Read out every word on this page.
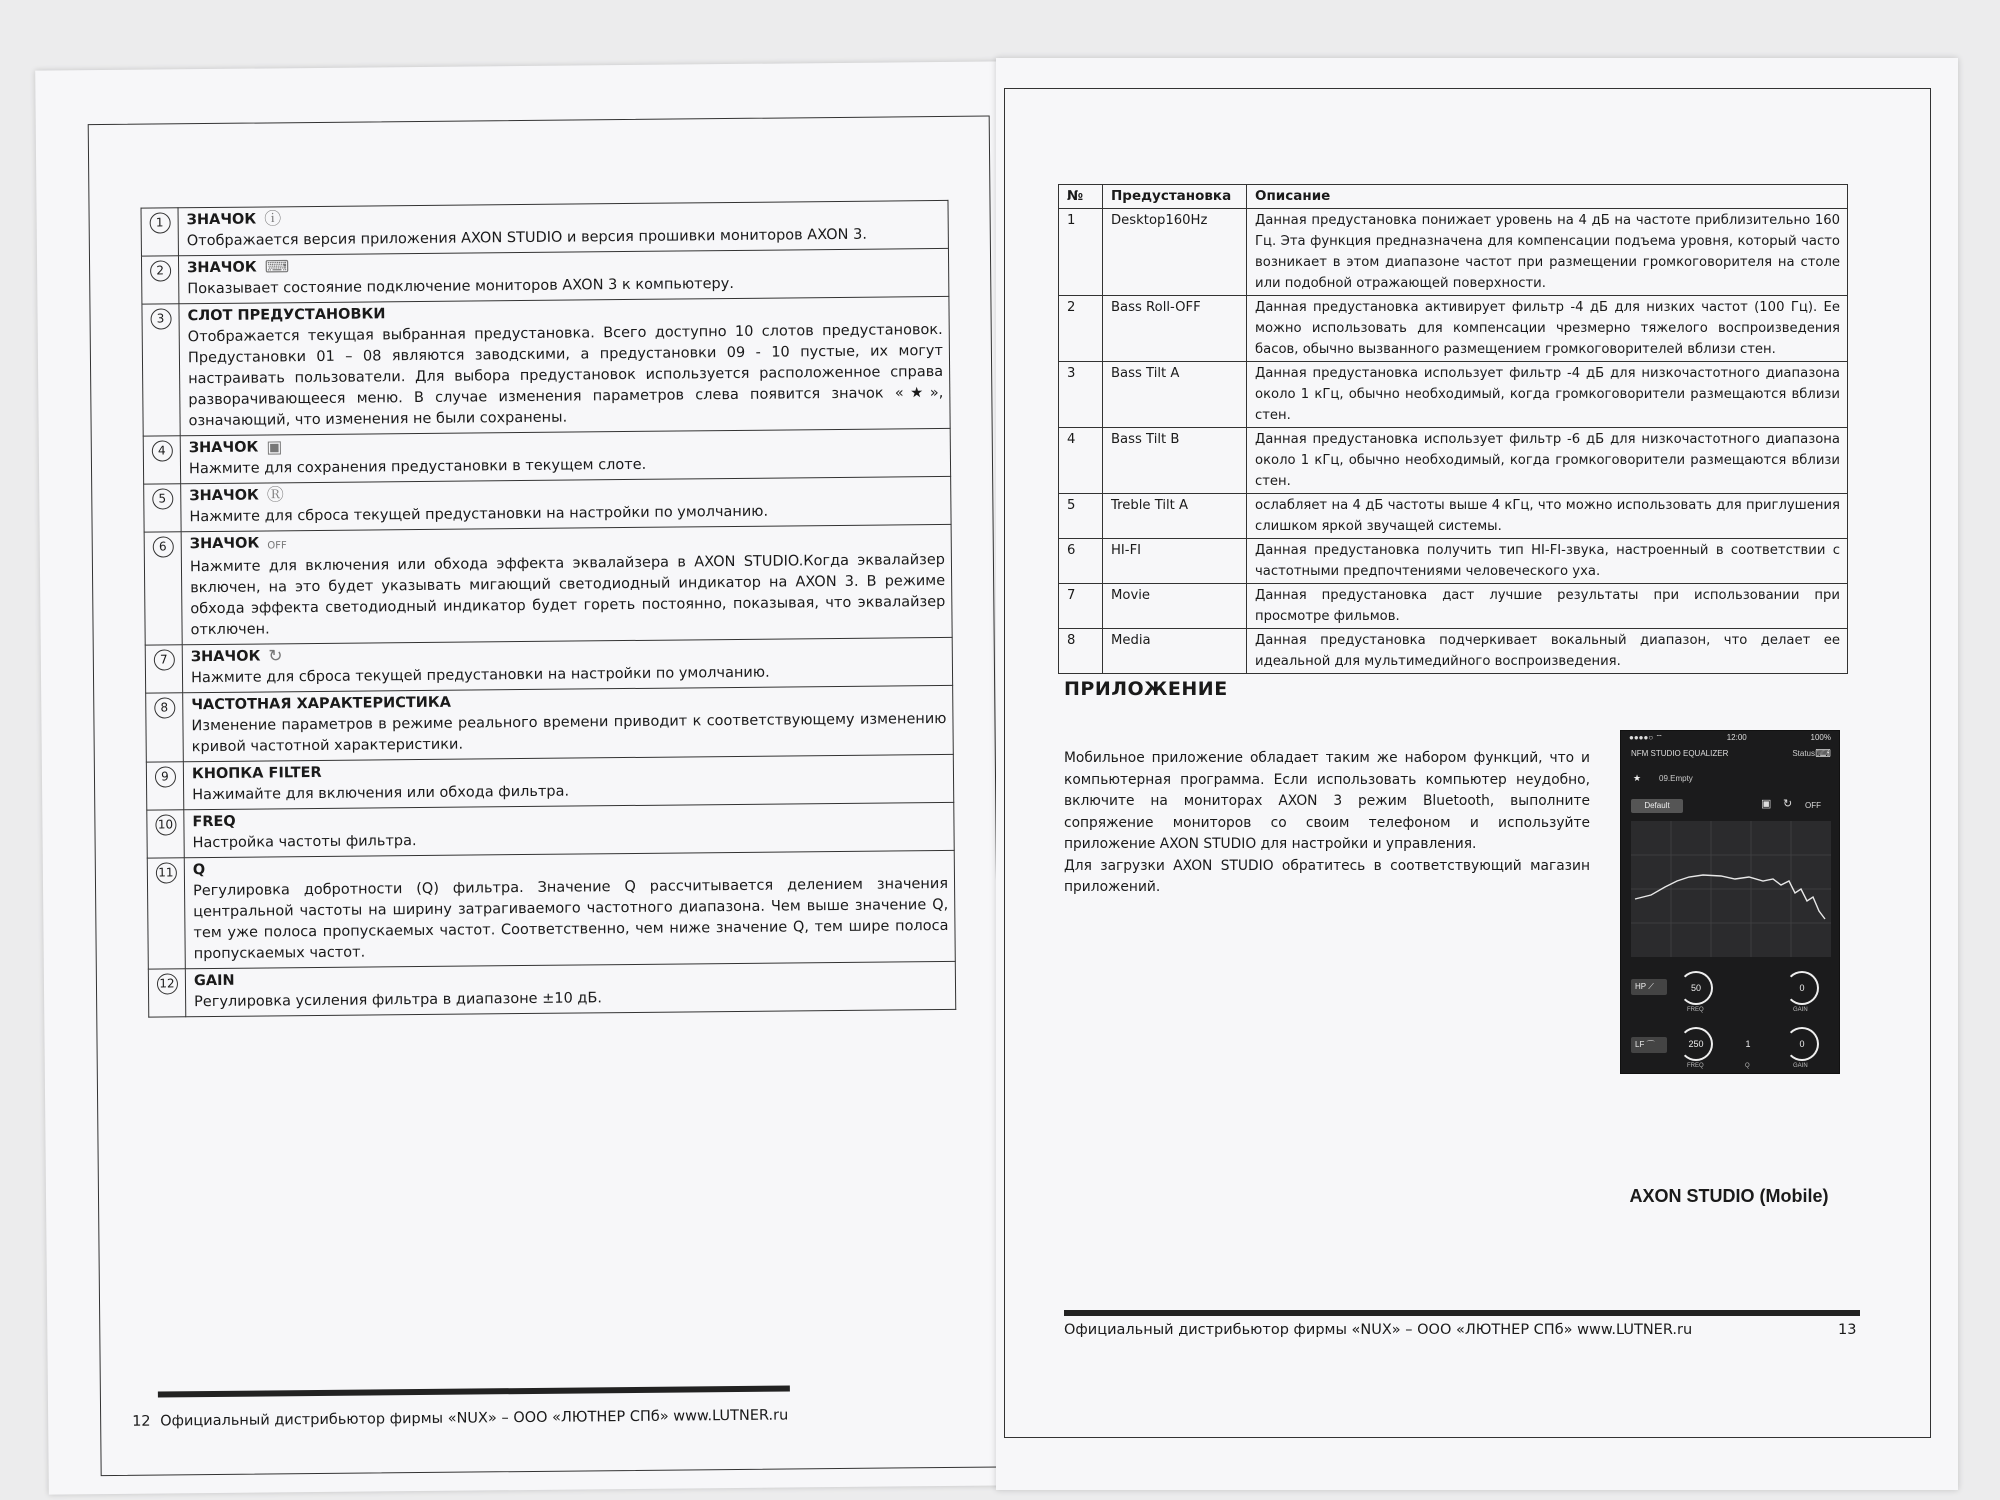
1	ЗНАЧОК ⓘ
Отображается версия приложения AXON STUDIO и версия прошивки мониторов AXON 3.

2	ЗНАЧОК ⌨
Показывает состояние подключение мониторов AXON 3 к компьютеру.

3	СЛОТ ПРЕДУСТАНОВКИ
Отображается текущая выбранная предустановка. Всего доступно 10 слотов предустановок. Предустановки 01 – 08 являются заводскими, а предустановки 09 - 10 пустые, их могут настраивать пользователи. Для выбора предустановок используется расположенное справа разворачивающееся меню. В случае изменения параметров слева появится значок «★», означающий, что изменения не были сохранены.

4	ЗНАЧОК ▣
Нажмите для сохранения предустановки в текущем слоте.

5	ЗНАЧОК Ⓡ
Нажмите для сброса текущей предустановки на настройки по умолчанию.

6	ЗНАЧОК OFF
Нажмите для включения или обхода эффекта эквалайзера в AXON STUDIO.Когда эквалайзер включен, на это будет указывать мигающий светодиодный индикатор на AXON 3. В режиме обхода эффекта светодиодный индикатор будет гореть постоянно, показывая, что эквалайзер отключен.

7	ЗНАЧОК ↻
Нажмите для сброса текущей предустановки на настройки по умолчанию.

8	ЧАСТОТНАЯ ХАРАКТЕРИСТИКА
Изменение параметров в режиме реального времени приводит к соответствующему изменению кривой частотной характеристики.

9	КНОПКА FILTER
Нажимайте для включения или обхода фильтра.

10	FREQ
Настройка частоты фильтра.

11	Q
Регулировка добротности (Q) фильтра. Значение Q рассчитывается делением значения центральной частоты на ширину затрагиваемого частотного диапазона. Чем выше значение Q, тем уже полоса пропускаемых частот. Соответственно, чем ниже значение Q, тем шире полоса пропускаемых частот.

12	GAIN
Регулировка усиления фильтра в диапазоне ±10 дБ.
12 Официальный дистрибьютор фирмы «NUX» – ООО «ЛЮТНЕР СПб» www.LUTNER.ru
№	Предустановка	Описание
1	Desktop160Hz	Данная предустановка понижает уровень на 4 дБ на частоте приблизительно 160 Гц. Эта функция предназначена для компенсации подъема уровня, который часто возникает в этом диапазоне частот при размещении громкоговорителя на столе или подобной отражающей поверхности.
2	Bass Roll-OFF	Данная предустановка активирует фильтр -4 дБ для низких частот (100 Гц). Ее можно использовать для компенсации чрезмерно тяжелого воспроизведения басов, обычно вызванного размещением громкоговорителей вблизи стен.
3	Bass Tilt A	Данная предустановка использует фильтр -4 дБ для низкочастотного диапазона около 1 кГц, обычно необходимый, когда громкоговорители размещаются вблизи стен.
4	Bass Tilt B	Данная предустановка использует фильтр -6 дБ для низкочастотного диапазона около 1 кГц, обычно необходимый, когда громкоговорители размещаются вблизи стен.
5	Treble Tilt A	ослабляет на 4 дБ частоты выше 4 кГц, что можно использовать для приглушения слишком яркой звучащей системы.
6	HI-FI	Данная предустановка получить тип HI-FI-звука, настроенный в соответствии с частотными предпочтениями человеческого уха.
7	Movie	Данная предустановка даст лучшие результаты при использовании при просмотре фильмов.
8	Media	Данная предустановка подчеркивает вокальный диапазон, что делает ее идеальной для мультимедийного воспроизведения.
ПРИЛОЖЕНИЕ

Мобильное приложение обладает таким же набором функций, что и компьютерная программа. Если использовать компьютер неудобно, включите на мониторах AXON 3 режим Bluetooth, выполните сопряжение мониторов со своим телефоном и используйте приложение AXON STUDIO для настройки и управления.

Для загрузки AXON STUDIO обратитесь в соответствующий магазин приложений.

●●●●○ ⌔	12:00	100%
NFM STUDIO EQUALIZER	Status ⌨
★ 09.Empty
Default	▣ ↻ OFF
HP ⟋	50
FREQ
0
GAIN
LF ⌒	250
FREQ
1
Q
0
GAIN
AXON STUDIO (Mobile)
Официальный дистрибьютор фирмы «NUX» – ООО «ЛЮТНЕР СПб» www.LUTNER.ru	13
